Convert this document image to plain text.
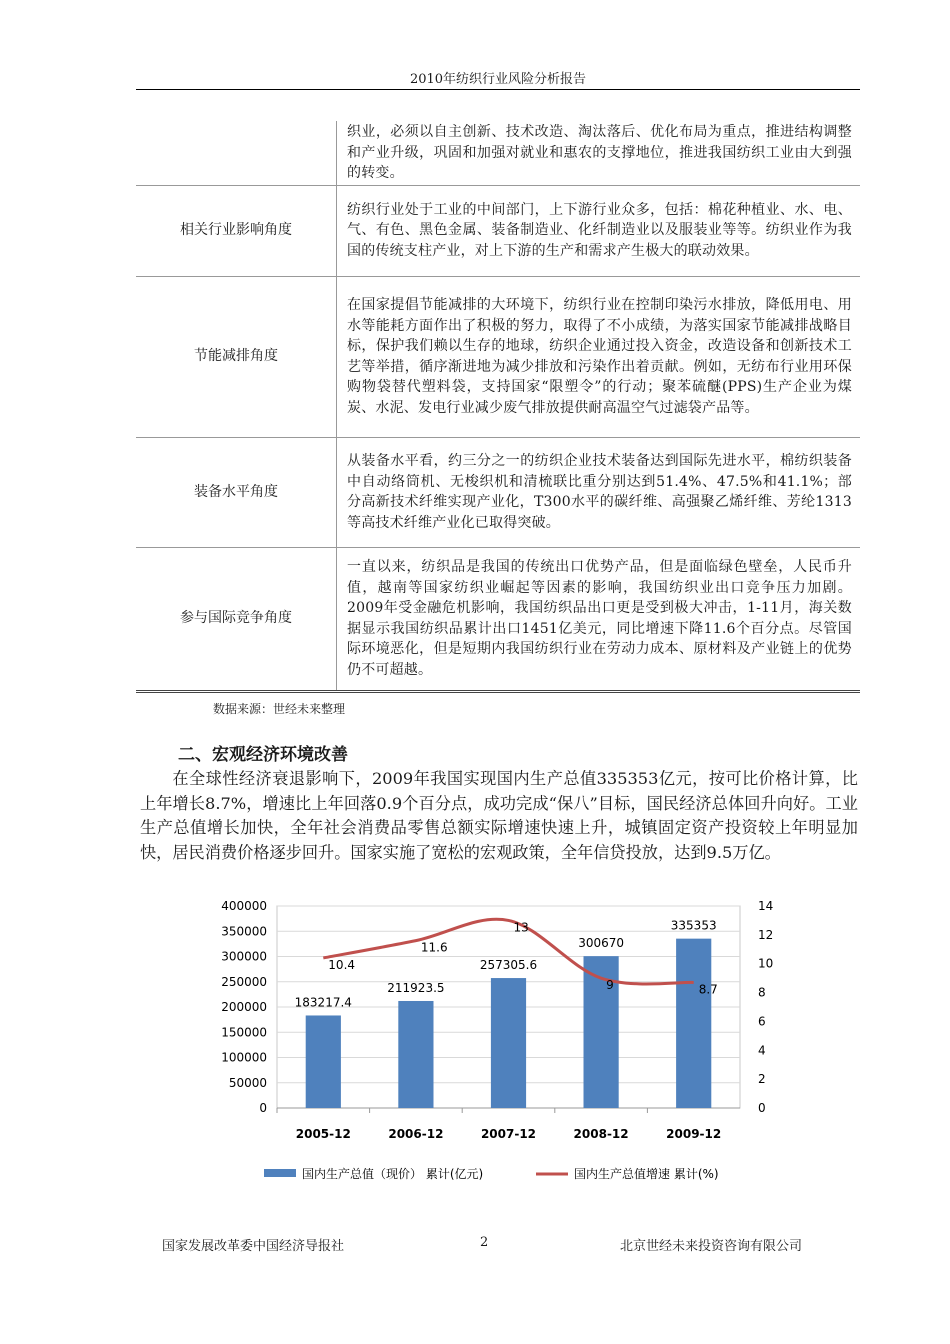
2010年纺织行业风险分析报告
	织业，必须以自主创新、技术改造、淘汰落后、优化布局为重点，推进结构调整和产业升级，巩固和加强对就业和惠农的支撑地位，推进我国纺织工业由大到强的转变。
相关行业影响角度	纺织行业处于工业的中间部门，上下游行业众多，包括：棉花种植业、水、电、气、有色、黑色金属、装备制造业、化纤制造业以及服装业等等。纺织业作为我国的传统支柱产业，对上下游的生产和需求产生极大的联动效果。
节能减排角度	在国家提倡节能减排的大环境下，纺织行业在控制印染污水排放，降低用电、用水等能耗方面作出了积极的努力，取得了不小成绩，为落实国家节能减排战略目标，保护我们赖以生存的地球，纺织企业通过投入资金，改造设备和创新技术工艺等举措，循序渐进地为减少排放和污染作出着贡献。例如，无纺布行业用环保购物袋替代塑料袋，支持国家“限塑令”的行动；聚苯硫醚(PPS)生产企业为煤炭、水泥、发电行业减少废气排放提供耐高温空气过滤袋产品等。
装备水平角度	从装备水平看，约三分之一的纺织企业技术装备达到国际先进水平，棉纺织装备中自动络筒机、无梭织机和清梳联比重分别达到51.4%、47.5%和41.1%；部分高新技术纤维实现产业化，T300水平的碳纤维、高强聚乙烯纤维、芳纶1313等高技术纤维产业化已取得突破。
参与国际竞争角度	一直以来，纺织品是我国的传统出口优势产品，但是面临绿色壁垒，人民币升值，越南等国家纺织业崛起等因素的影响，我国纺织业出口竞争压力加剧。2009年受金融危机影响，我国纺织品出口更是受到极大冲击，1-11月，海关数据显示我国纺织品累计出口1451亿美元，同比增速下降11.6个百分点。尽管国际环境恶化，但是短期内我国纺织行业在劳动力成本、原材料及产业链上的优势仍不可超越。
数据来源：世经未来整理
二、宏观经济环境改善
在全球性经济衰退影响下，2009年我国实现国内生产总值335353亿元，按可比价格计算，比上年增长8.7%，增速比上年回落0.9个百分点，成功完成“保八”目标，国民经济总体回升向好。工业生产总值增长加快，全年社会消费品零售总额实际增速快速上升，城镇固定资产投资较上年明显加快，居民消费价格逐步回升。国家实施了宽松的宏观政策，全年信贷投放，达到9.5万亿。
0
50000
100000
150000
200000
250000
300000
350000
400000
0
2
4
6
8
10
12
14
2005-12
183217.4
2006-12
211923.5
2007-12
257305.6
2008-12
300670
2009-12
335353
10.4
11.6
13
9	8.7
国内生产总值（现价） 累计(亿元)	国内生产总值增速 累计(%)
国家发展改革委中国经济导报社	2	北京世经未来投资咨询有限公司
